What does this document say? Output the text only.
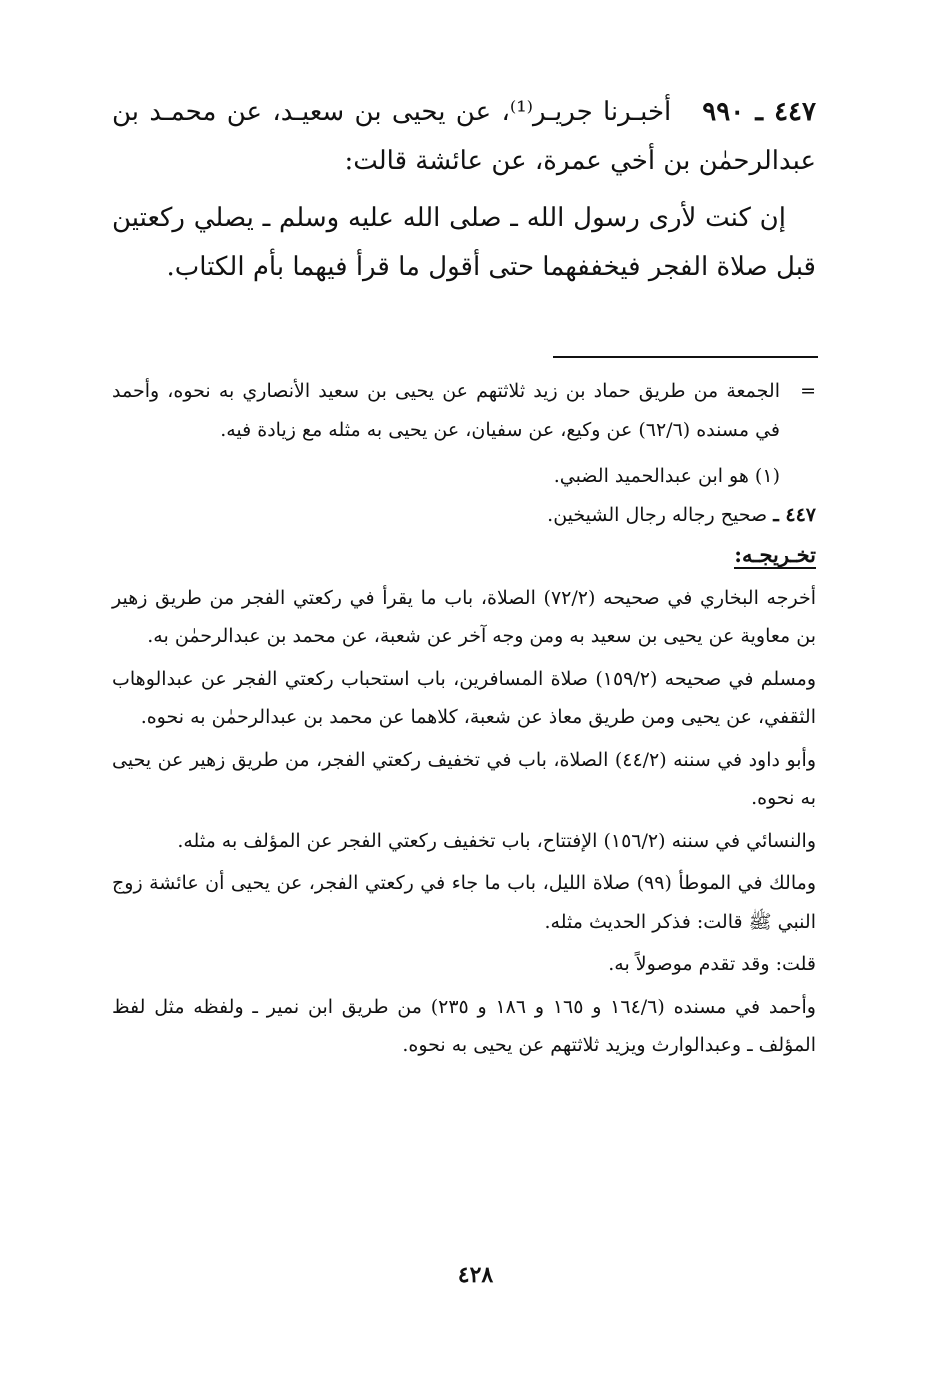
٤٤٧ ـ ٩٩٠   أخبـرنا جريـر⁽¹⁾، عن يحيى بن سعيـد، عن محمـد بن عبدالرحمٰن بن أخي عمرة، عن عائشة قالت:

إن كنت لأرى رسول الله ـ صلى الله عليه وسلم ـ يصلي ركعتين قبل صلاة الفجر فيخففهما حتى أقول ما قرأ فيهما بأم الكتاب.

=
الجمعة من طريق حماد بن زيد ثلاثتهم عن يحيى بن سعيد الأنصاري به نحوه، وأحمد في مسنده (٦٢/٦) عن وكيع، عن سفيان، عن يحيى به مثله مع زيادة فيه.

(١) هو ابن عبدالحميد الضبي.

٤٤٧ ـ صحيح رجاله رجال الشيخين.

تخـريجـه:

أخرجه البخاري في صحيحه (٧٢/٢) الصلاة، باب ما يقرأ في ركعتي الفجر من طريق زهير بن معاوية عن يحيى بن سعيد به ومن وجه آخر عن شعبة، عن محمد بن عبدالرحمٰن به.

ومسلم في صحيحه (١٥٩/٢) صلاة المسافرين، باب استحباب ركعتي الفجر عن عبدالوهاب الثقفي، عن يحيى ومن طريق معاذ عن شعبة، كلاهما عن محمد بن عبدالرحمٰن به نحوه.

وأبو داود في سننه (٤٤/٢) الصلاة، باب في تخفيف ركعتي الفجر، من طريق زهير عن يحيى به نحوه.

والنسائي في سننه (١٥٦/٢) الإفتتاح، باب تخفيف ركعتي الفجر عن المؤلف به مثله.

ومالك في الموطأ (٩٩) صلاة الليل، باب ما جاء في ركعتي الفجر، عن يحيى أن عائشة زوج النبي ﷺ قالت: فذكر الحديث مثله.

قلت: وقد تقدم موصولاً به.

وأحمد في مسنده (١٦٤/٦ و ١٦٥ و ١٨٦ و ٢٣٥) من طريق ابن نمير ـ ولفظه مثل لفظ المؤلف ـ وعبدالوارث ويزيد ثلاثتهم عن يحيى به نحوه.

٤٢٨
